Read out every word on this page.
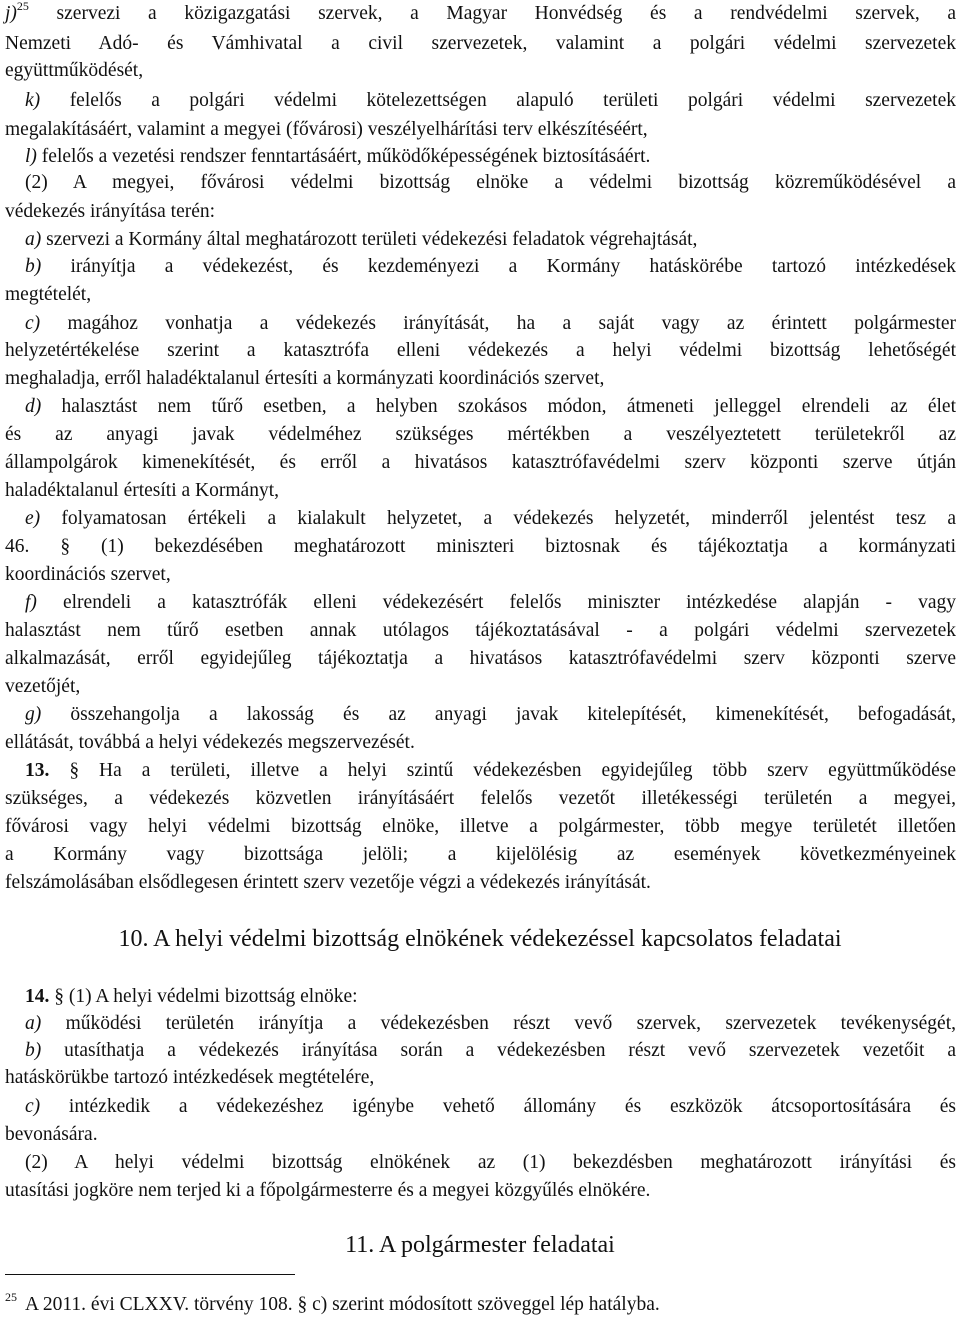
j)$^{25}$ szervezi a közigazgatási szervek, a Magyar Honvédség és a rendvédelmi szervek, a
Nemzeti Adó- és Vámhivatal a civil szervezetek, valamint a polgári védelmi szervezetek
együttműködését,
k) felelős a polgári védelmi kötelezettségen alapuló területi polgári védelmi szervezetek
megalakításáért, valamint a megyei (fővárosi) veszélyelhárítási terv elkészítéséért,
l) felelős a vezetési rendszer fenntartásáért, működőképességének biztosításáért.
(2) A megyei, fővárosi védelmi bizottság elnöke a védelmi bizottság közreműködésével a
védekezés irányítása terén:
a) szervezi a Kormány által meghatározott területi védekezési feladatok végrehajtását,
b) irányítja a védekezést, és kezdeményezi a Kormány hatáskörébe tartozó intézkedések
megtételét,
c) magához vonhatja a védekezés irányítását, ha a saját vagy az érintett polgármester
helyzetértékelése szerint a katasztrófa elleni védekezés a helyi védelmi bizottság lehetőségét
meghaladja, erről haladéktalanul értesíti a kormányzati koordinációs szervet,
d) halasztást nem tűrő esetben, a helyben szokásos módon, átmeneti jelleggel elrendeli az élet
és az anyagi javak védelméhez szükséges mértékben a veszélyeztetett területekről az
állampolgárok kimenekítését, és erről a hivatásos katasztrófavédelmi szerv központi szerve útján
haladéktalanul értesíti a Kormányt,
e) folyamatosan értékeli a kialakult helyzetet, a védekezés helyzetét, minderről jelentést tesz a
46. § (1) bekezdésében meghatározott miniszteri biztosnak és tájékoztatja a kormányzati
koordinációs szervet,
f) elrendeli a katasztrófák elleni védekezésért felelős miniszter intézkedése alapján - vagy
halasztást nem tűrő esetben annak utólagos tájékoztatásával - a polgári védelmi szervezetek
alkalmazását, erről egyidejűleg tájékoztatja a hivatásos katasztrófavédelmi szerv központi szerve
vezetőjét,
g) összehangolja a lakosság és az anyagi javak kitelepítését, kimenekítését, befogadását,
ellátását, továbbá a helyi védekezés megszervezését.
13. § Ha a területi, illetve a helyi szintű védekezésben egyidejűleg több szerv együttműködése
szükséges, a védekezés közvetlen irányításáért felelős vezetőt illetékességi területén a megyei,
fővárosi vagy helyi védelmi bizottság elnöke, illetve a polgármester, több megye területét illetően
a Kormány vagy bizottsága jelöli; a kijelölésig az események következményeinek
felszámolásában elsődlegesen érintett szerv vezetője végzi a védekezés irányítását.
10. A helyi védelmi bizottság elnökének védekezéssel kapcsolatos feladatai
14. § (1) A helyi védelmi bizottság elnöke:
a) működési területén irányítja a védekezésben részt vevő szervek, szervezetek tevékenységét,
b) utasíthatja a védekezés irányítása során a védekezésben részt vevő szervezetek vezetőit a
hatáskörükbe tartozó intézkedések megtételére,
c) intézkedik a védekezéshez igénybe vehető állomány és eszközök átcsoportosítására és
bevonására.
(2) A helyi védelmi bizottság elnökének az (1) bekezdésben meghatározott irányítási és
utasítási jogköre nem terjed ki a főpolgármesterre és a megyei közgyűlés elnökére.
11. A polgármester feladatai
$^{25}$ A 2011. évi CLXXV. törvény 108. § c) szerint módosított szöveggel lép hatályba.
